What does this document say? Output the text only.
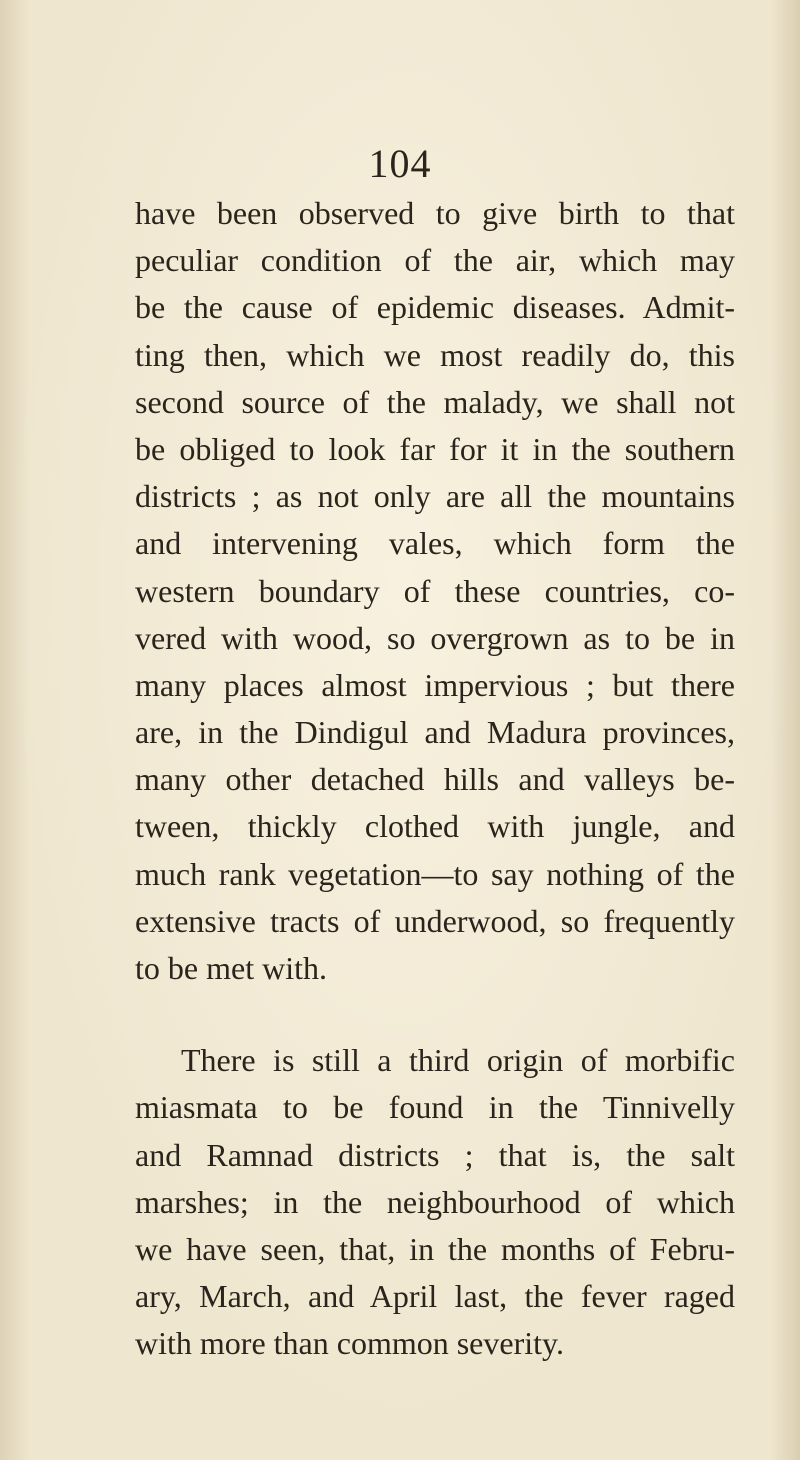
104
have been observed to give birth to that
peculiar condition of the air, which may
be the cause of epidemic diseases. Admit-
ting then, which we most readily do, this
second source of the malady, we shall not
be obliged to look far for it in the southern
districts ; as not only are all the mountains
and intervening vales, which form the
western boundary of these countries, co-
vered with wood, so overgrown as to be in
many places almost impervious ; but there
are, in the Dindigul and Madura provinces,
many other detached hills and valleys be-
tween, thickly clothed with jungle, and
much rank vegetation—to say nothing of the
extensive tracts of underwood, so frequently
to be met with.
There is still a third origin of morbific
miasmata to be found in the Tinnivelly
and Ramnad districts ; that is, the salt
marshes; in the neighbourhood of which
we have seen, that, in the months of Febru-
ary, March, and April last, the fever raged
with more than common severity.
